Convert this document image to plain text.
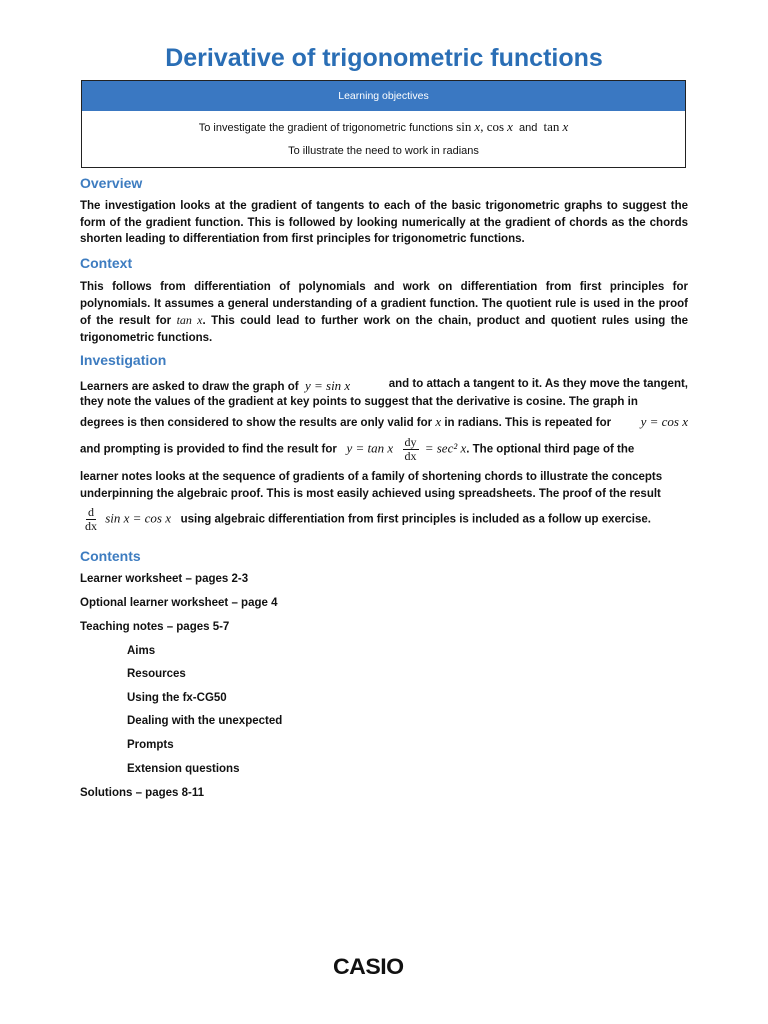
Derivative of trigonometric functions
Learning objectives
To investigate the gradient of trigonometric functions sin x, cos x and tan x
To illustrate the need to work in radians
Overview

The investigation looks at the gradient of tangents to each of the basic trigonometric graphs to suggest the form of the gradient function. This is followed by looking numerically at the gradient of chords as the chords shorten leading to differentiation from first principles for trigonometric functions.

Context

This follows from differentiation of polynomials and work on differentiation from first principles for polynomials. It assumes a general understanding of a gradient function. The quotient rule is used in the proof of the result for tan x. This could lead to further work on the chain, product and quotient rules using the trigonometric functions.

Investigation
Learners are asked to draw the graph of y = sin x	and to attach a tangent to it. As they move the tangent,
they note the values of the gradient at key points to suggest that the derivative is cosine. The graph in
degrees is then considered to show the results are only valid for x in radians. This is repeated for y = cos x
and prompting is provided to find the result for y = tan x $\frac{dy}{dx} = \sec^2$ x. The optional third page of the
learner notes looks at the sequence of gradients of a family of shortening chords to illustrate the concepts
underpinning the algebraic proof. This is most easily achieved using spreadsheets. The proof of the result
$\frac{d}{dx}$ sin x = cos x using algebraic differentiation from first principles is included as a follow up exercise.
Contents
Learner worksheet – pages 2-3
Optional learner worksheet – page 4
Teaching notes – pages 5-7
Aims
Resources
Using the fx-CG50
Dealing with the unexpected
Prompts
Extension questions
Solutions – pages 8-11
CASIO
